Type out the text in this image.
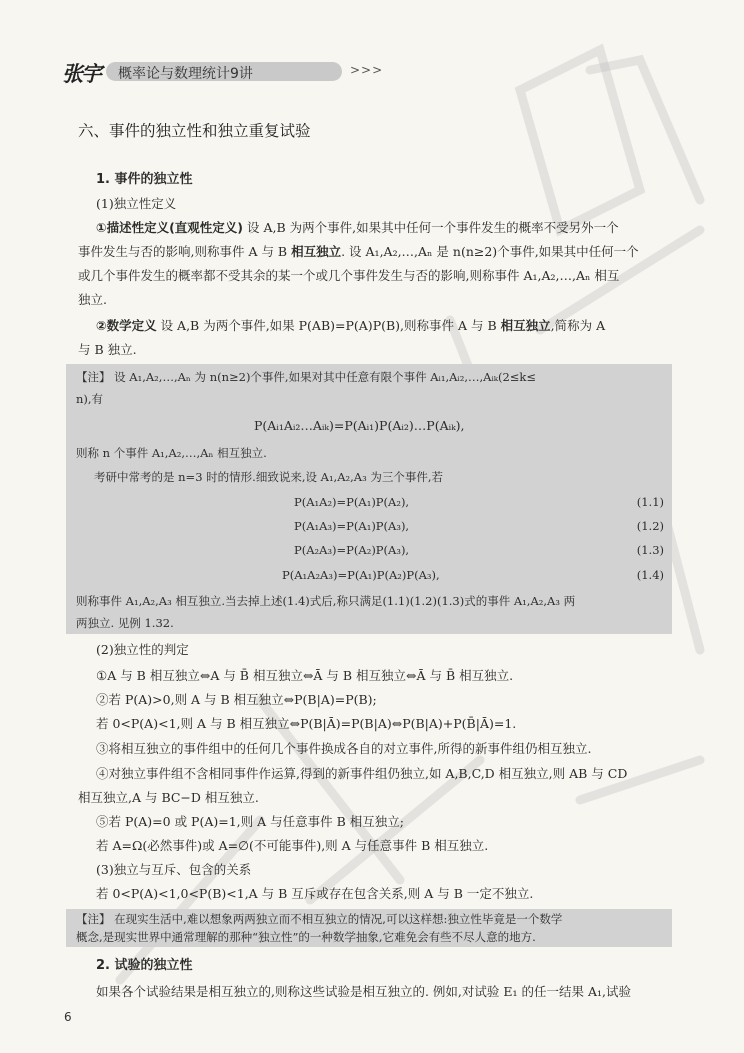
张宇 概率论与数理统计9讲	>>>
六、事件的独立性和独立重复试验
1. 事件的独立性
(1)独立性定义
①描述性定义(直观性定义) 设 A,B 为两个事件,如果其中任何一个事件发生的概率不受另外一个
事件发生与否的影响,则称事件 A 与 B 相互独立. 设 A₁,A₂,…,Aₙ 是 n(n≥2)个事件,如果其中任何一个
或几个事件发生的概率都不受其余的某一个或几个事件发生与否的影响,则称事件 A₁,A₂,…,Aₙ 相互
独立.
②数学定义 设 A,B 为两个事件,如果 P(AB)=P(A)P(B),则称事件 A 与 B 相互独立,简称为 A
与 B 独立.
【注】 设 A₁,A₂,…,Aₙ 为 n(n≥2)个事件,如果对其中任意有限个事件 Aᵢ₁,Aᵢ₂,…,Aᵢₖ(2≤k≤
n),有
P(Aᵢ₁Aᵢ₂…Aᵢₖ)=P(Aᵢ₁)P(Aᵢ₂)…P(Aᵢₖ),
则称 n 个事件 A₁,A₂,…,Aₙ 相互独立.
考研中常考的是 n=3 时的情形.细致说来,设 A₁,A₂,A₃ 为三个事件,若
P(A₁A₂)=P(A₁)P(A₂),	(1.1)
P(A₁A₃)=P(A₁)P(A₃),	(1.2)
P(A₂A₃)=P(A₂)P(A₃),	(1.3)
P(A₁A₂A₃)=P(A₁)P(A₂)P(A₃),	(1.4)
则称事件 A₁,A₂,A₃ 相互独立.当去掉上述(1.4)式后,称只满足(1.1)(1.2)(1.3)式的事件 A₁,A₂,A₃ 两
两独立. 见例 1.32.
(2)独立性的判定
①A 与 B 相互独立⇔A 与 B̄ 相互独立⇔Ā 与 B 相互独立⇔Ā 与 B̄ 相互独立.
②若 P(A)>0,则 A 与 B 相互独立⇔P(B|A)=P(B);
若 0<P(A)<1,则 A 与 B 相互独立⇔P(B|Ā)=P(B|A)⇔P(B|A)+P(B̄|Ā)=1.
③将相互独立的事件组中的任何几个事件换成各自的对立事件,所得的新事件组仍相互独立.
④对独立事件组不含相同事件作运算,得到的新事件组仍独立,如 A,B,C,D 相互独立,则 AB 与 CD
相互独立,A 与 BC−D 相互独立.
⑤若 P(A)=0 或 P(A)=1,则 A 与任意事件 B 相互独立;
若 A=Ω(必然事件)或 A=∅(不可能事件),则 A 与任意事件 B 相互独立.
(3)独立与互斥、包含的关系
若 0<P(A)<1,0<P(B)<1,A 与 B 互斥或存在包含关系,则 A 与 B 一定不独立.
【注】 在现实生活中,难以想象两两独立而不相互独立的情况,可以这样想:独立性毕竟是一个数学
概念,是现实世界中通常理解的那种“独立性”的一种数学抽象,它难免会有些不尽人意的地方.
2. 试验的独立性
如果各个试验结果是相互独立的,则称这些试验是相互独立的. 例如,对试验 E₁ 的任一结果 A₁,试验
6
